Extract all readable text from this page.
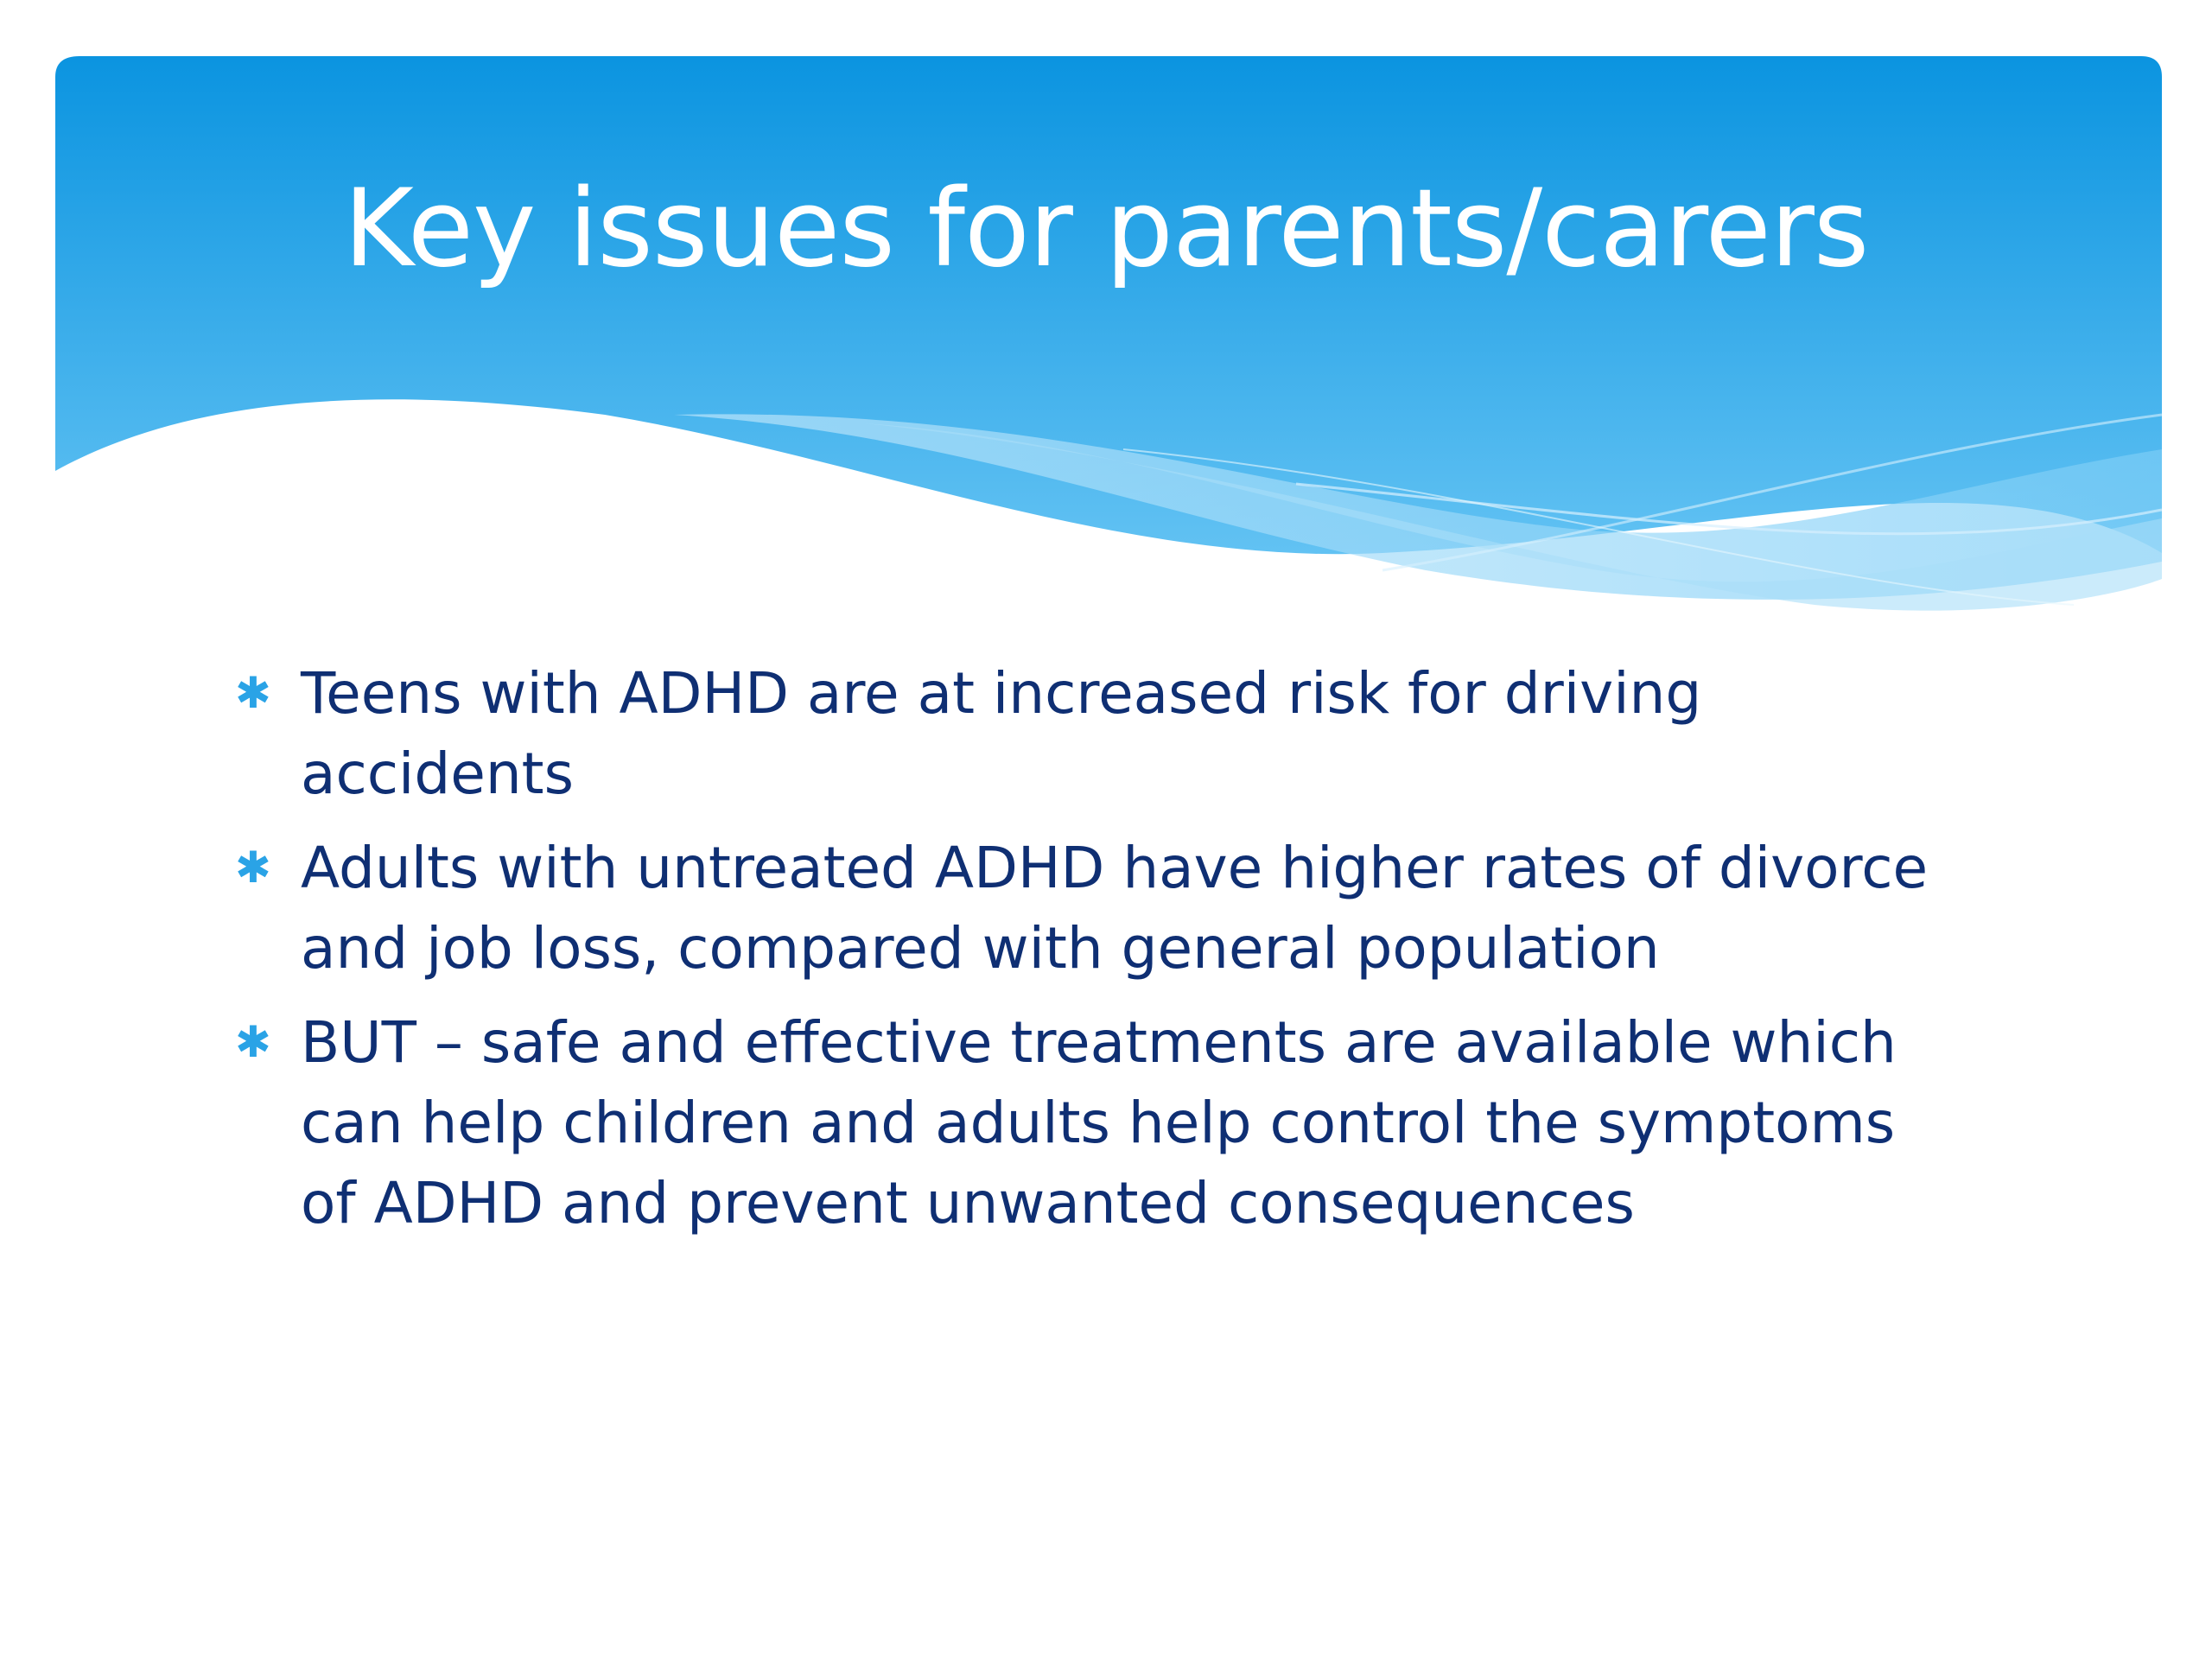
Key issues for parents/carers
✱ Teens with ADHD are at increased risk for driving accidents
✱ Adults with untreated ADHD have higher rates of divorce and job loss, compared with general population
✱ BUT – safe and effective treatments are available which can help children and adults help control the symptoms of ADHD and prevent unwanted consequences
